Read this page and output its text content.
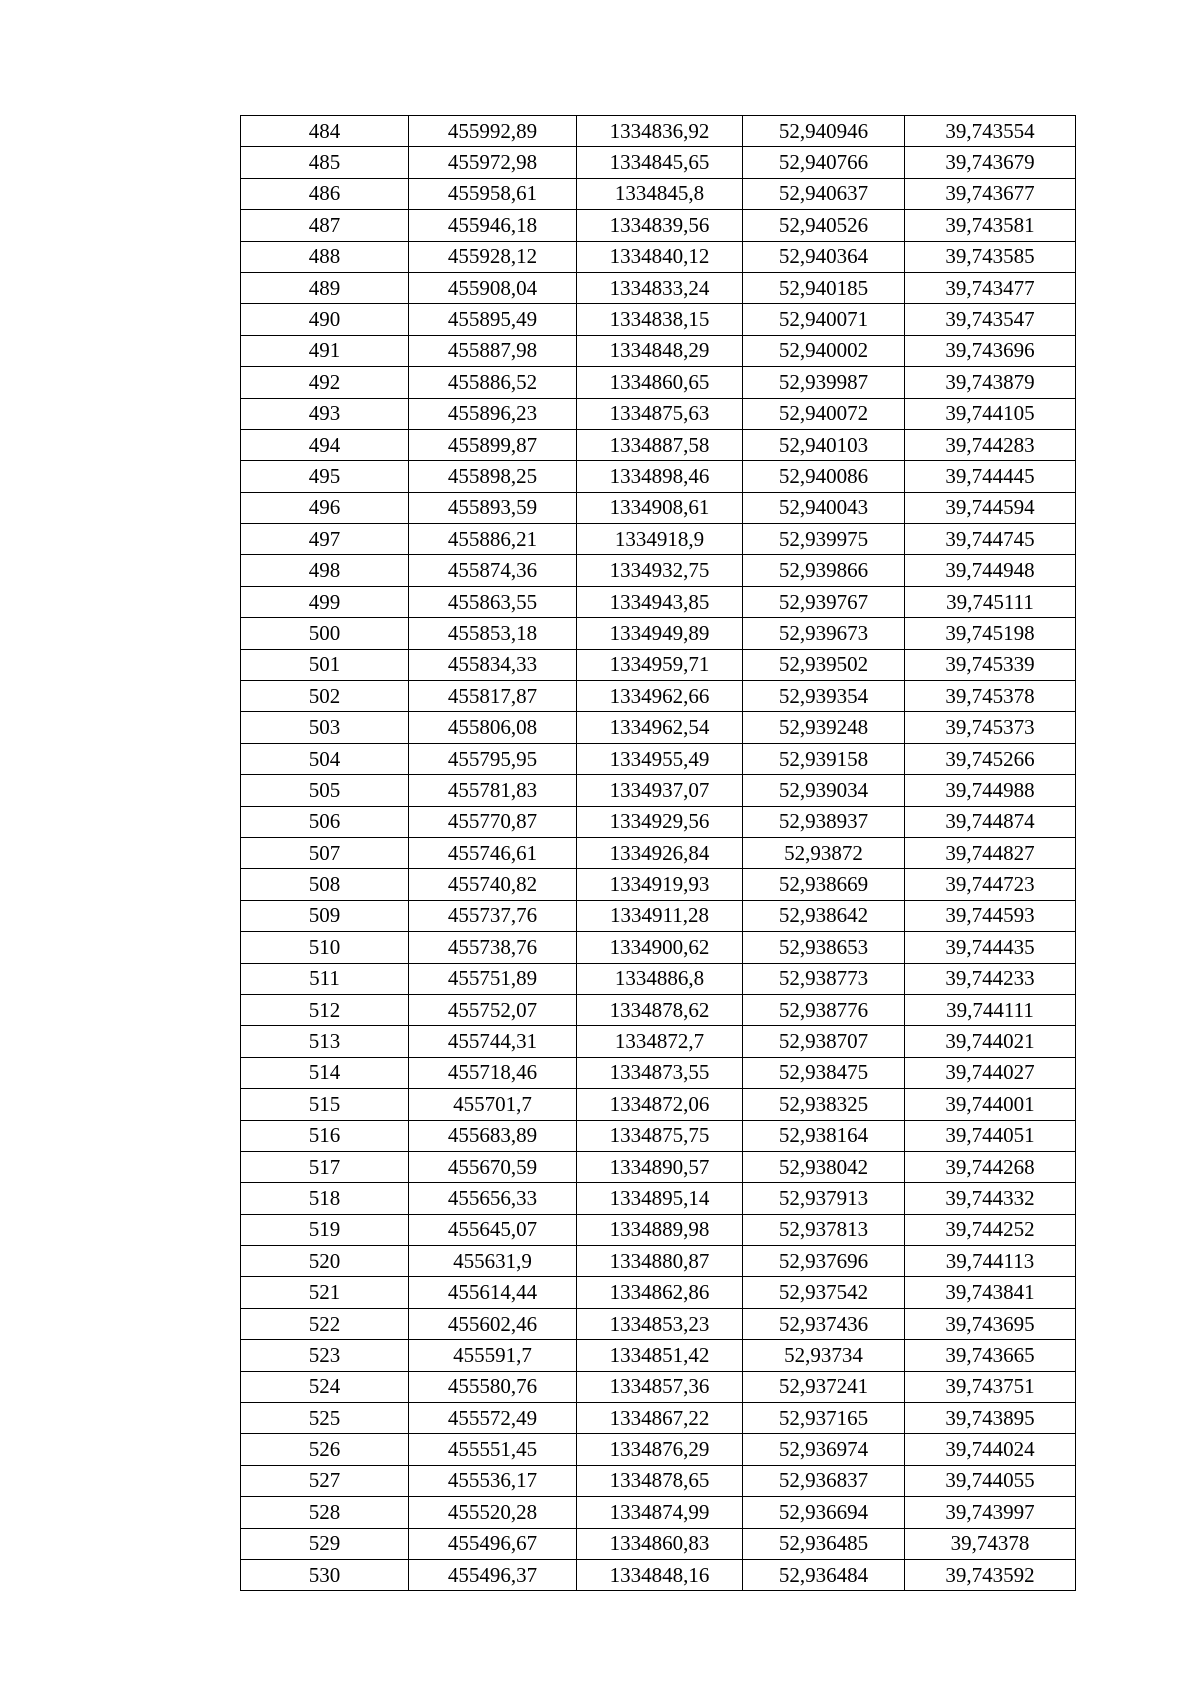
484	455992,89	1334836,92	52,940946	39,743554
485	455972,98	1334845,65	52,940766	39,743679
486	455958,61	1334845,8	52,940637	39,743677
487	455946,18	1334839,56	52,940526	39,743581
488	455928,12	1334840,12	52,940364	39,743585
489	455908,04	1334833,24	52,940185	39,743477
490	455895,49	1334838,15	52,940071	39,743547
491	455887,98	1334848,29	52,940002	39,743696
492	455886,52	1334860,65	52,939987	39,743879
493	455896,23	1334875,63	52,940072	39,744105
494	455899,87	1334887,58	52,940103	39,744283
495	455898,25	1334898,46	52,940086	39,744445
496	455893,59	1334908,61	52,940043	39,744594
497	455886,21	1334918,9	52,939975	39,744745
498	455874,36	1334932,75	52,939866	39,744948
499	455863,55	1334943,85	52,939767	39,745111
500	455853,18	1334949,89	52,939673	39,745198
501	455834,33	1334959,71	52,939502	39,745339
502	455817,87	1334962,66	52,939354	39,745378
503	455806,08	1334962,54	52,939248	39,745373
504	455795,95	1334955,49	52,939158	39,745266
505	455781,83	1334937,07	52,939034	39,744988
506	455770,87	1334929,56	52,938937	39,744874
507	455746,61	1334926,84	52,93872	39,744827
508	455740,82	1334919,93	52,938669	39,744723
509	455737,76	1334911,28	52,938642	39,744593
510	455738,76	1334900,62	52,938653	39,744435
511	455751,89	1334886,8	52,938773	39,744233
512	455752,07	1334878,62	52,938776	39,744111
513	455744,31	1334872,7	52,938707	39,744021
514	455718,46	1334873,55	52,938475	39,744027
515	455701,7	1334872,06	52,938325	39,744001
516	455683,89	1334875,75	52,938164	39,744051
517	455670,59	1334890,57	52,938042	39,744268
518	455656,33	1334895,14	52,937913	39,744332
519	455645,07	1334889,98	52,937813	39,744252
520	455631,9	1334880,87	52,937696	39,744113
521	455614,44	1334862,86	52,937542	39,743841
522	455602,46	1334853,23	52,937436	39,743695
523	455591,7	1334851,42	52,93734	39,743665
524	455580,76	1334857,36	52,937241	39,743751
525	455572,49	1334867,22	52,937165	39,743895
526	455551,45	1334876,29	52,936974	39,744024
527	455536,17	1334878,65	52,936837	39,744055
528	455520,28	1334874,99	52,936694	39,743997
529	455496,67	1334860,83	52,936485	39,74378
530	455496,37	1334848,16	52,936484	39,743592
